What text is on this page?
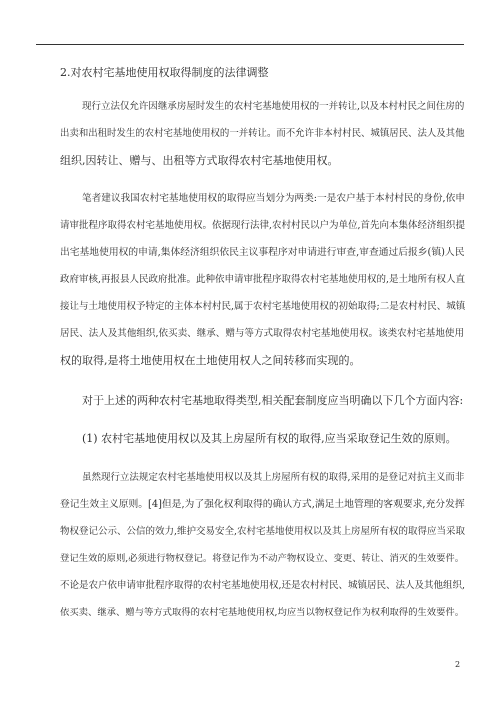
2.对农村宅基地使用权取得制度的法律调整
现行立法仅允许因继承房屋时发生的农村宅基地使用权的一并转让,以及本村村民之间住房的
出卖和出租时发生的农村宅基地使用权的一并转让。而不允许非本村村民、城镇居民、法人及其他
组织,因转让、赠与、出租等方式取得农村宅基地使用权。
笔者建议我国农村宅基地使用权的取得应当划分为两类:一是农户基于本村村民的身份,依申
请审批程序取得农村宅基地使用权。依据现行法律,农村村民以户为单位,首先向本集体经济组织提
出宅基地使用权的申请,集体经济组织依民主议事程序对申请进行审查,审查通过后报乡(镇)人民
政府审核,再报县人民政府批准。此种依申请审批程序取得农村宅基地使用权的,是土地所有权人直
接让与土地使用权予特定的主体本村村民,属于农村宅基地使用权的初始取得;二是农村村民、城镇
居民、法人及其他组织,依买卖、继承、赠与等方式取得农村宅基地使用权。该类农村宅基地使用
权的取得,是将土地使用权在土地使用权人之间转移而实现的。
对于上述的两种农村宅基地取得类型,相关配套制度应当明确以下几个方面内容:
(1) 农村宅基地使用权以及其上房屋所有权的取得,应当采取登记生效的原则。
虽然现行立法规定农村宅基地使用权以及其上房屋所有权的取得,采用的是登记对抗主义而非
登记生效主义原则。[4]但是,为了强化权利取得的确认方式,满足土地管理的客观要求,充分发挥
物权登记公示、公信的效力,维护交易安全,农村宅基地使用权以及其上房屋所有权的取得应当采取
登记生效的原则,必须进行物权登记。将登记作为不动产物权设立、变更、转让、消灭的生效要件。
不论是农户依申请审批程序取得的农村宅基地使用权,还是农村村民、城镇居民、法人及其他组织,
依买卖、继承、赠与等方式取得的农村宅基地使用权,均应当以物权登记作为权利取得的生效要件。
2
